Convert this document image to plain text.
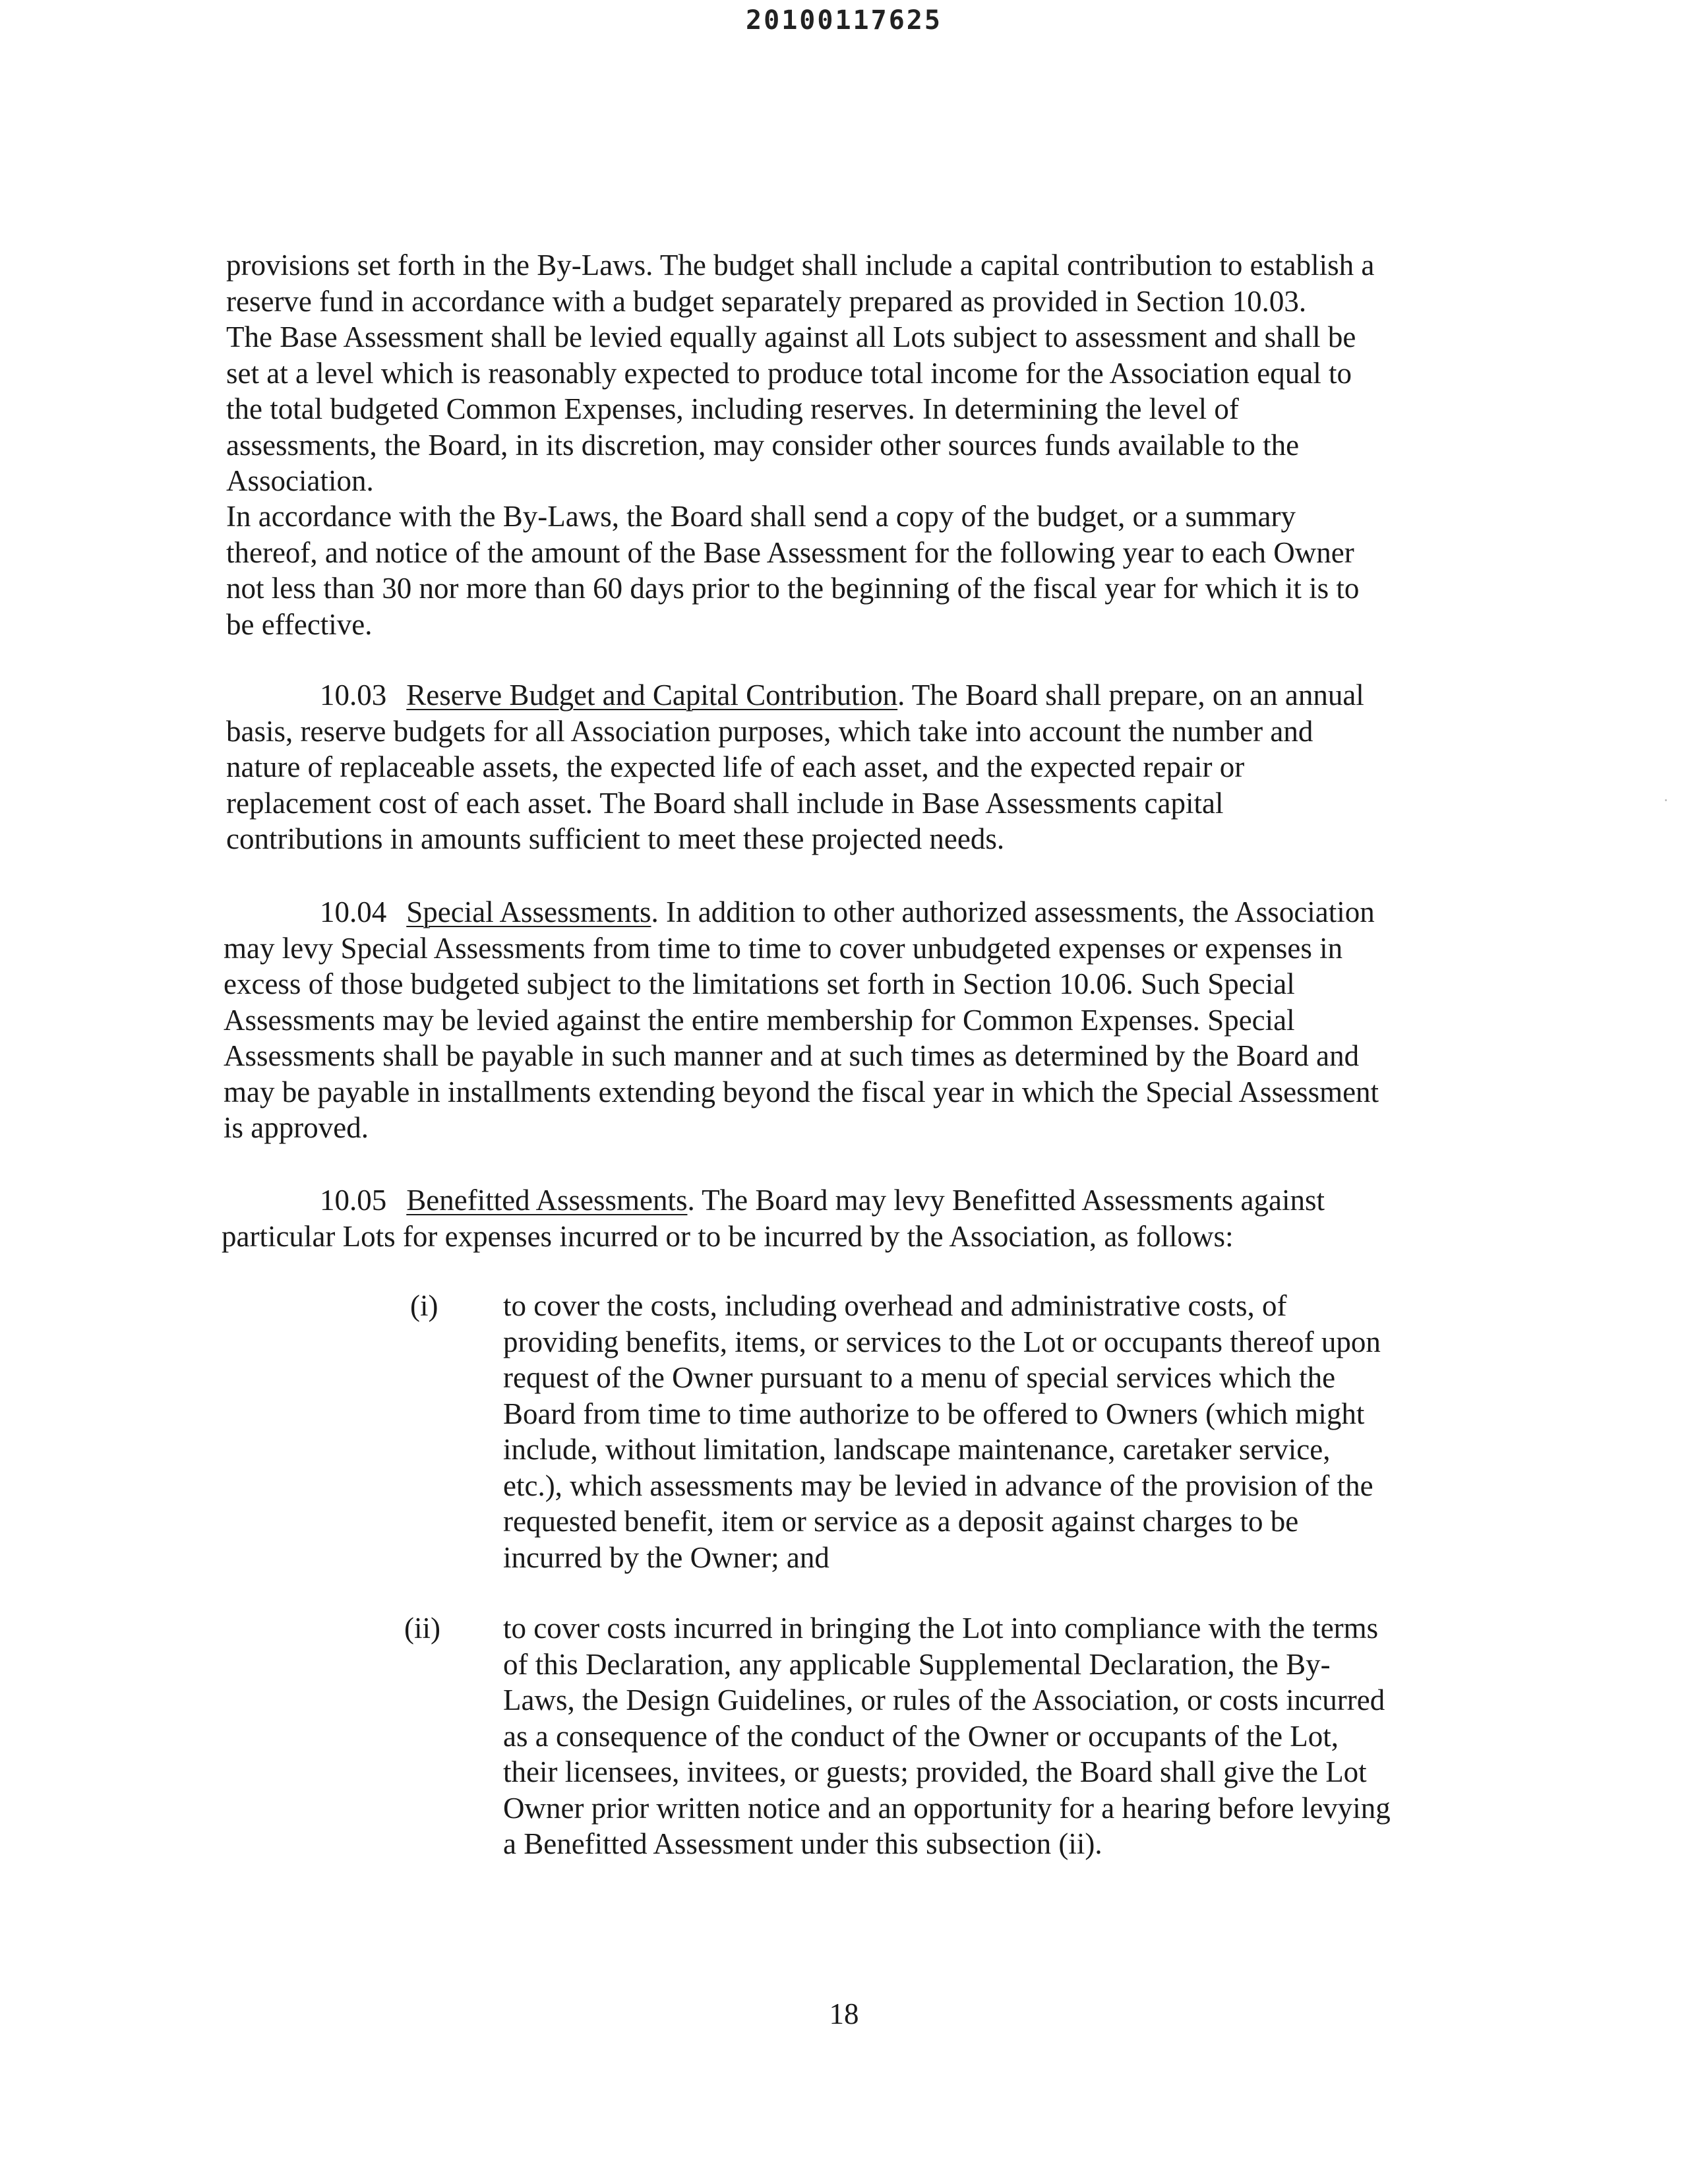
20100117625

provisions set forth in the By-Laws. The budget shall include a capital contribution to establish a
reserve fund in accordance with a budget separately prepared as provided in Section 10.03.
The Base Assessment shall be levied equally against all Lots subject to assessment and shall be
set at a level which is reasonably expected to produce total income for the Association equal to
the total budgeted Common Expenses, including reserves. In determining the level of
assessments, the Board, in its discretion, may consider other sources funds available to the
Association.

In accordance with the By-Laws, the Board shall send a copy of the budget, or a summary
thereof, and notice of the amount of the Base Assessment for the following year to each Owner
not less than 30 nor more than 60 days prior to the beginning of the fiscal year for which it is to
be effective.

10.03 Reserve Budget and Capital Contribution. The Board shall prepare, on an annual
basis, reserve budgets for all Association purposes, which take into account the number and
nature of replaceable assets, the expected life of each asset, and the expected repair or
replacement cost of each asset. The Board shall include in Base Assessments capital
contributions in amounts sufficient to meet these projected needs.
10.04 Special Assessments. In addition to other authorized assessments, the Association
may levy Special Assessments from time to time to cover unbudgeted expenses or expenses in
excess of those budgeted subject to the limitations set forth in Section 10.06. Such Special
Assessments may be levied against the entire membership for Common Expenses. Special
Assessments shall be payable in such manner and at such times as determined by the Board and
may be payable in installments extending beyond the fiscal year in which the Special Assessment
is approved.
10.05 Benefitted Assessments. The Board may levy Benefitted Assessments against
particular Lots for expenses incurred or to be incurred by the Association, as follows:
(i) to cover the costs, including overhead and administrative costs, of
providing benefits, items, or services to the Lot or occupants thereof upon
request of the Owner pursuant to a menu of special services which the
Board from time to time authorize to be offered to Owners (which might
include, without limitation, landscape maintenance, caretaker service,
etc.), which assessments may be levied in advance of the provision of the
requested benefit, item or service as a deposit against charges to be
incurred by the Owner; and

(ii) to cover costs incurred in bringing the Lot into compliance with the terms
of this Declaration, any applicable Supplemental Declaration, the By-
Laws, the Design Guidelines, or rules of the Association, or costs incurred
as a consequence of the conduct of the Owner or occupants of the Lot,
their licensees, invitees, or guests; provided, the Board shall give the Lot
Owner prior written notice and an opportunity for a hearing before levying
a Benefitted Assessment under this subsection (ii).

18
